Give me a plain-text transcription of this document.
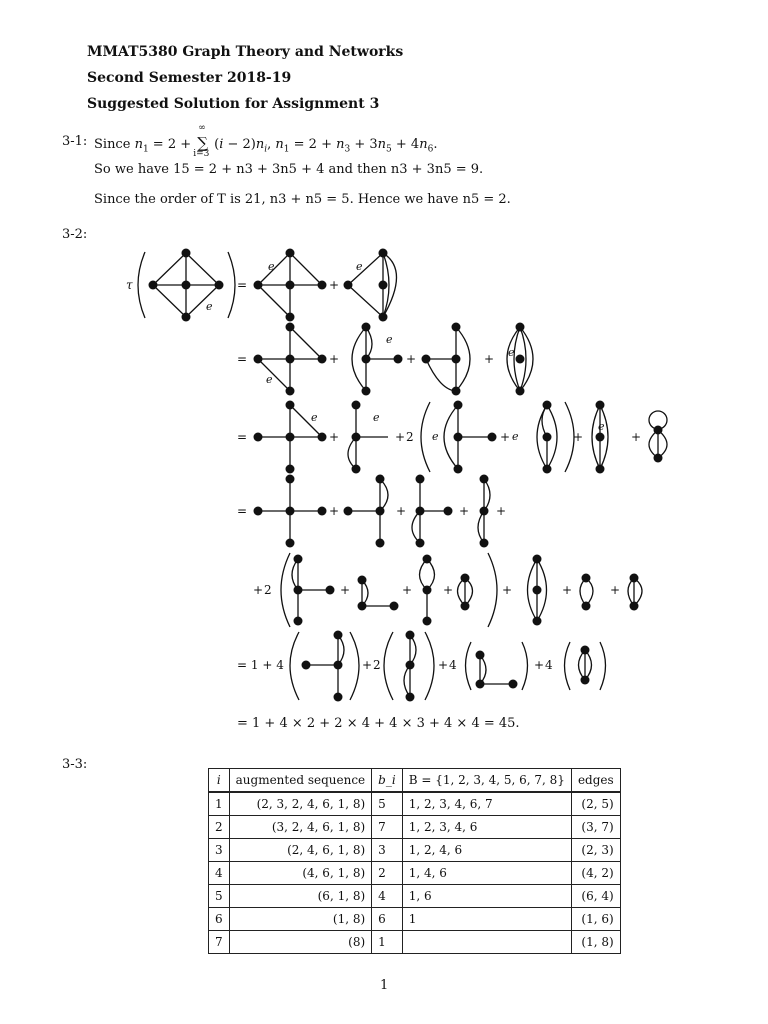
MMAT5380 Graph Theory and Networks
Second Semester 2018-19
Suggested Solution for Assignment 3
3-1: Since $n_1 = 2$ + ∑
∞
i=3
$(i - 2)n_i$, $n_1 = 2 + n_3 + 3n_5 + 4n_6$.
So we have 15 = 2 + n3 + 3n5 + 4 and then n3 + 3n5 = 9.
Since the order of T is 21, n3 + n5 = 5. Hence we have n5 = 2.
3-2:
τ	=	+
=	+	+	+
=	+	+ 2	+	+	+
=	+	+	+ +
+ 2	+	+	+	+	+	+
= 1 + 4	+ 2	+ 4	+ 4
e
e	e
e
e
e
e	e
e	e
e
= 1 + 4 × 2 + 2 × 4 + 4 × 3 + 4 × 4 = 45.
3-3:
i	augmented sequence	b_i	B = {1, 2, 3, 4, 5, 6, 7, 8}	edges
1	(2, 3, 2, 4, 6, 1, 8)	5	1, 2, 3, 4, 6, 7	(2, 5)
2	(3, 2, 4, 6, 1, 8)	7	1, 2, 3, 4, 6	(3, 7)
3	(2, 4, 6, 1, 8)	3	1, 2, 4, 6	(2, 3)
4	(4, 6, 1, 8)	2	1, 4, 6	(4, 2)
5	(6, 1, 8)	4	1, 6	(6, 4)
6	(1, 8)	6	1	(1, 6)
7	(8)	1		(1, 8)
1
